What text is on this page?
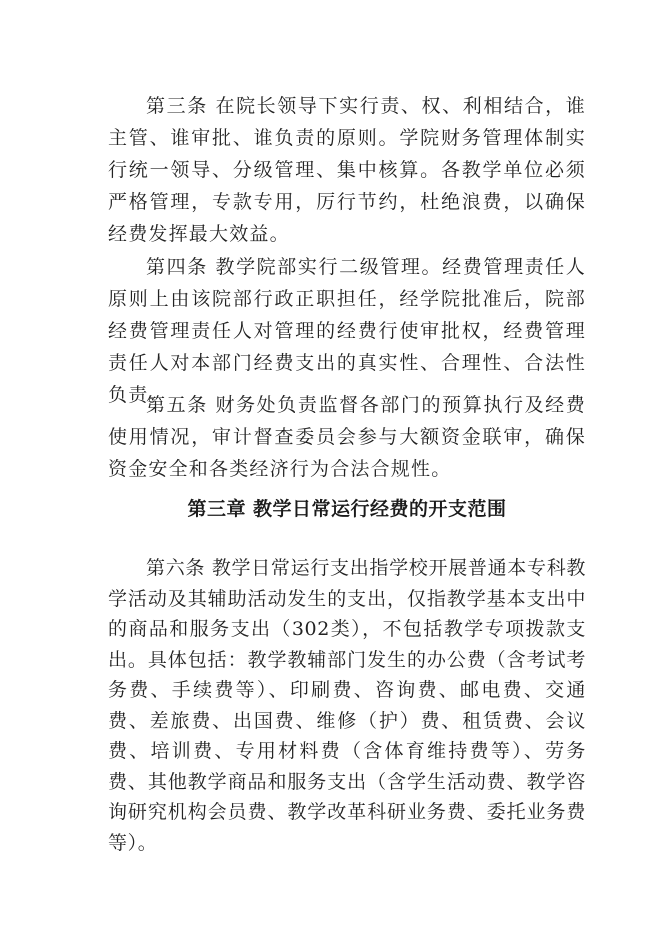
第三条 在院长领导下实行责、权、利相结合，谁主管、谁审批、谁负责的原则。学院财务管理体制实行统一领导、分级管理、集中核算。各教学单位必须严格管理，专款专用，厉行节约，杜绝浪费，以确保经费发挥最大效益。

第四条 教学院部实行二级管理。经费管理责任人原则上由该院部行政正职担任，经学院批准后，院部经费管理责任人对管理的经费行使审批权，经费管理责任人对本部门经费支出的真实性、合理性、合法性负责。

第五条 财务处负责监督各部门的预算执行及经费使用情况，审计督查委员会参与大额资金联审，确保资金安全和各类经济行为合法合规性。

第三章 教学日常运行经费的开支范围

第六条 教学日常运行支出指学校开展普通本专科教学活动及其辅助活动发生的支出，仅指教学基本支出中的商品和服务支出（302类），不包括教学专项拨款支出。具体包括：教学教辅部门发生的办公费（含考试考务费、手续费等）、印刷费、咨询费、邮电费、交通费、差旅费、出国费、维修（护）费、租赁费、会议费、培训费、专用材料费（含体育维持费等）、劳务费、其他教学商品和服务支出（含学生活动费、教学咨询研究机构会员费、教学改革科研业务费、委托业务费等）。
